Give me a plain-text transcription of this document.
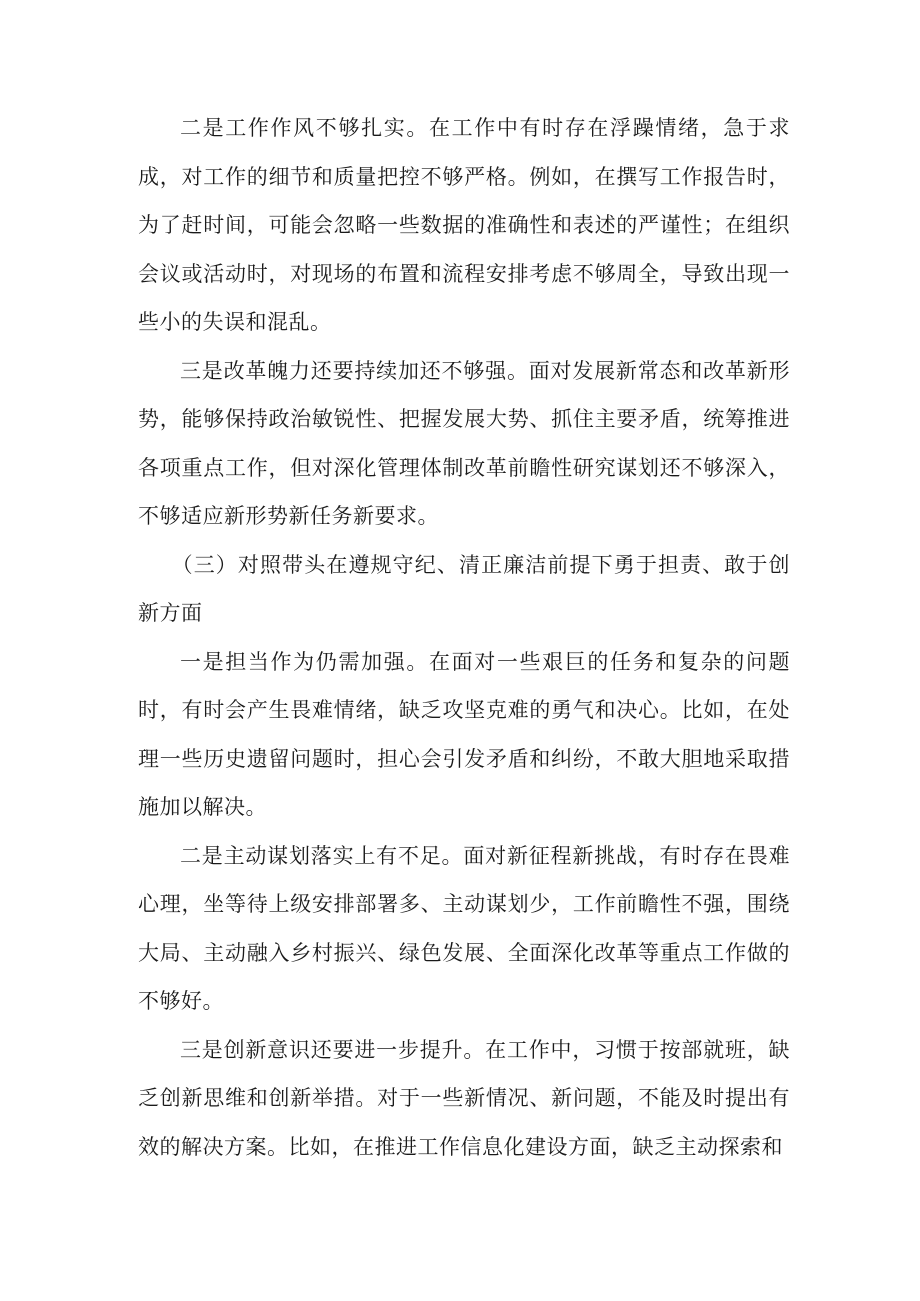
二是工作作风不够扎实。在工作中有时存在浮躁情绪，急于求成，对工作的细节和质量把控不够严格。例如，在撰写工作报告时，为了赶时间，可能会忽略一些数据的准确性和表述的严谨性；在组织会议或活动时，对现场的布置和流程安排考虑不够周全，导致出现一些小的失误和混乱。

三是改革魄力还要持续加还不够强。面对发展新常态和改革新形势，能够保持政治敏锐性、把握发展大势、抓住主要矛盾，统筹推进各项重点工作，但对深化管理体制改革前瞻性研究谋划还不够深入，不够适应新形势新任务新要求。

（三）对照带头在遵规守纪、清正廉洁前提下勇于担责、敢于创新方面

一是担当作为仍需加强。在面对一些艰巨的任务和复杂的问题时，有时会产生畏难情绪，缺乏攻坚克难的勇气和决心。比如，在处理一些历史遗留问题时，担心会引发矛盾和纠纷，不敢大胆地采取措施加以解决。

二是主动谋划落实上有不足。面对新征程新挑战，有时存在畏难心理，坐等待上级安排部署多、主动谋划少，工作前瞻性不强，围绕大局、主动融入乡村振兴、绿色发展、全面深化改革等重点工作做的不够好。

三是创新意识还要进一步提升。在工作中，习惯于按部就班，缺乏创新思维和创新举措。对于一些新情况、新问题，不能及时提出有效的解决方案。比如，在推进工作信息化建设方面，缺乏主动探索和
